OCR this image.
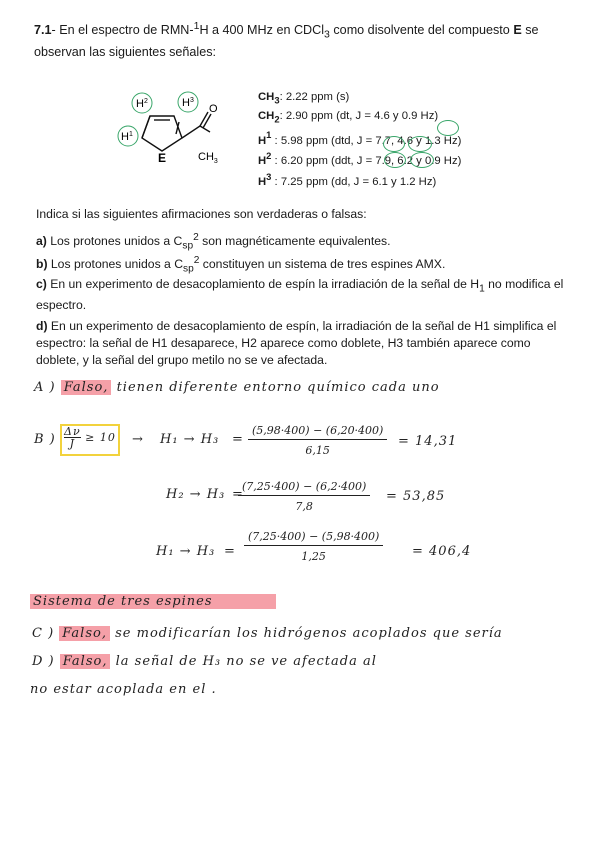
7.1- En el espectro de RMN-$^1$H a 400 MHz en CDCl$_3$ como disolvente del compuesto E se observan las siguientes señales:
$H^2$	$H^3$
$H^1$
O
$CH_3$
E
$CH_3$: 2.22 ppm (s)
$CH_2$: 2.90 ppm (dt, J = 4.6 y 0.9 Hz)
$H^1$ : 5.98 ppm (dtd, J = 7.7, 4.6 y 1.3 Hz)
$H^2$ : 6.20 ppm (ddt, J = 7.9, 6.2 y 0.9 Hz)
$H^3$ : 7.25 ppm (dd, J = 6.1 y 1.2 Hz)
Indica si las siguientes afirmaciones son verdaderas o falsas:
a) Los protones unidos a $C_{sp}^2$ son magnéticamente equivalentes.
b) Los protones unidos a $C_{sp}^2$ constituyen un sistema de tres espines AMX.
c) En un experimento de desacoplamiento de espín la irradiación de la señal de $H_1$ no modifica el espectro.
d) En un experimento de desacoplamiento de espín, la irradiación de la señal de H1 simplifica el espectro: la señal de H1 desaparece, H2 aparece como doblete, H3 también aparece como doblete, y la señal del grupo metilo no se ve afectada.
A ) Falso, tienen diferente entorno químico cada uno
B ) $\frac{\Delta\nu}{J} \ge 10$	→ $H_1 \to H_3 = \frac{(5,98\cdot 400) - (6,20\cdot 400)}{6,15} = 14,31$
H₂ → H₃ =
$\frac{(7,25\cdot 400) - (6,2\cdot 400)}{7,8} = 53,85$
$H_1 \to H_3 = \frac{(7,25\cdot 400) - (5,98\cdot 400)}{1,25} = 406,4$
Sistema de tres espines
C ) Falso, se modificarían los hidrógenos acoplados que sería
D ) Falso, la señal de H₃ no se ve afectada al
no estar acoplada en el .
